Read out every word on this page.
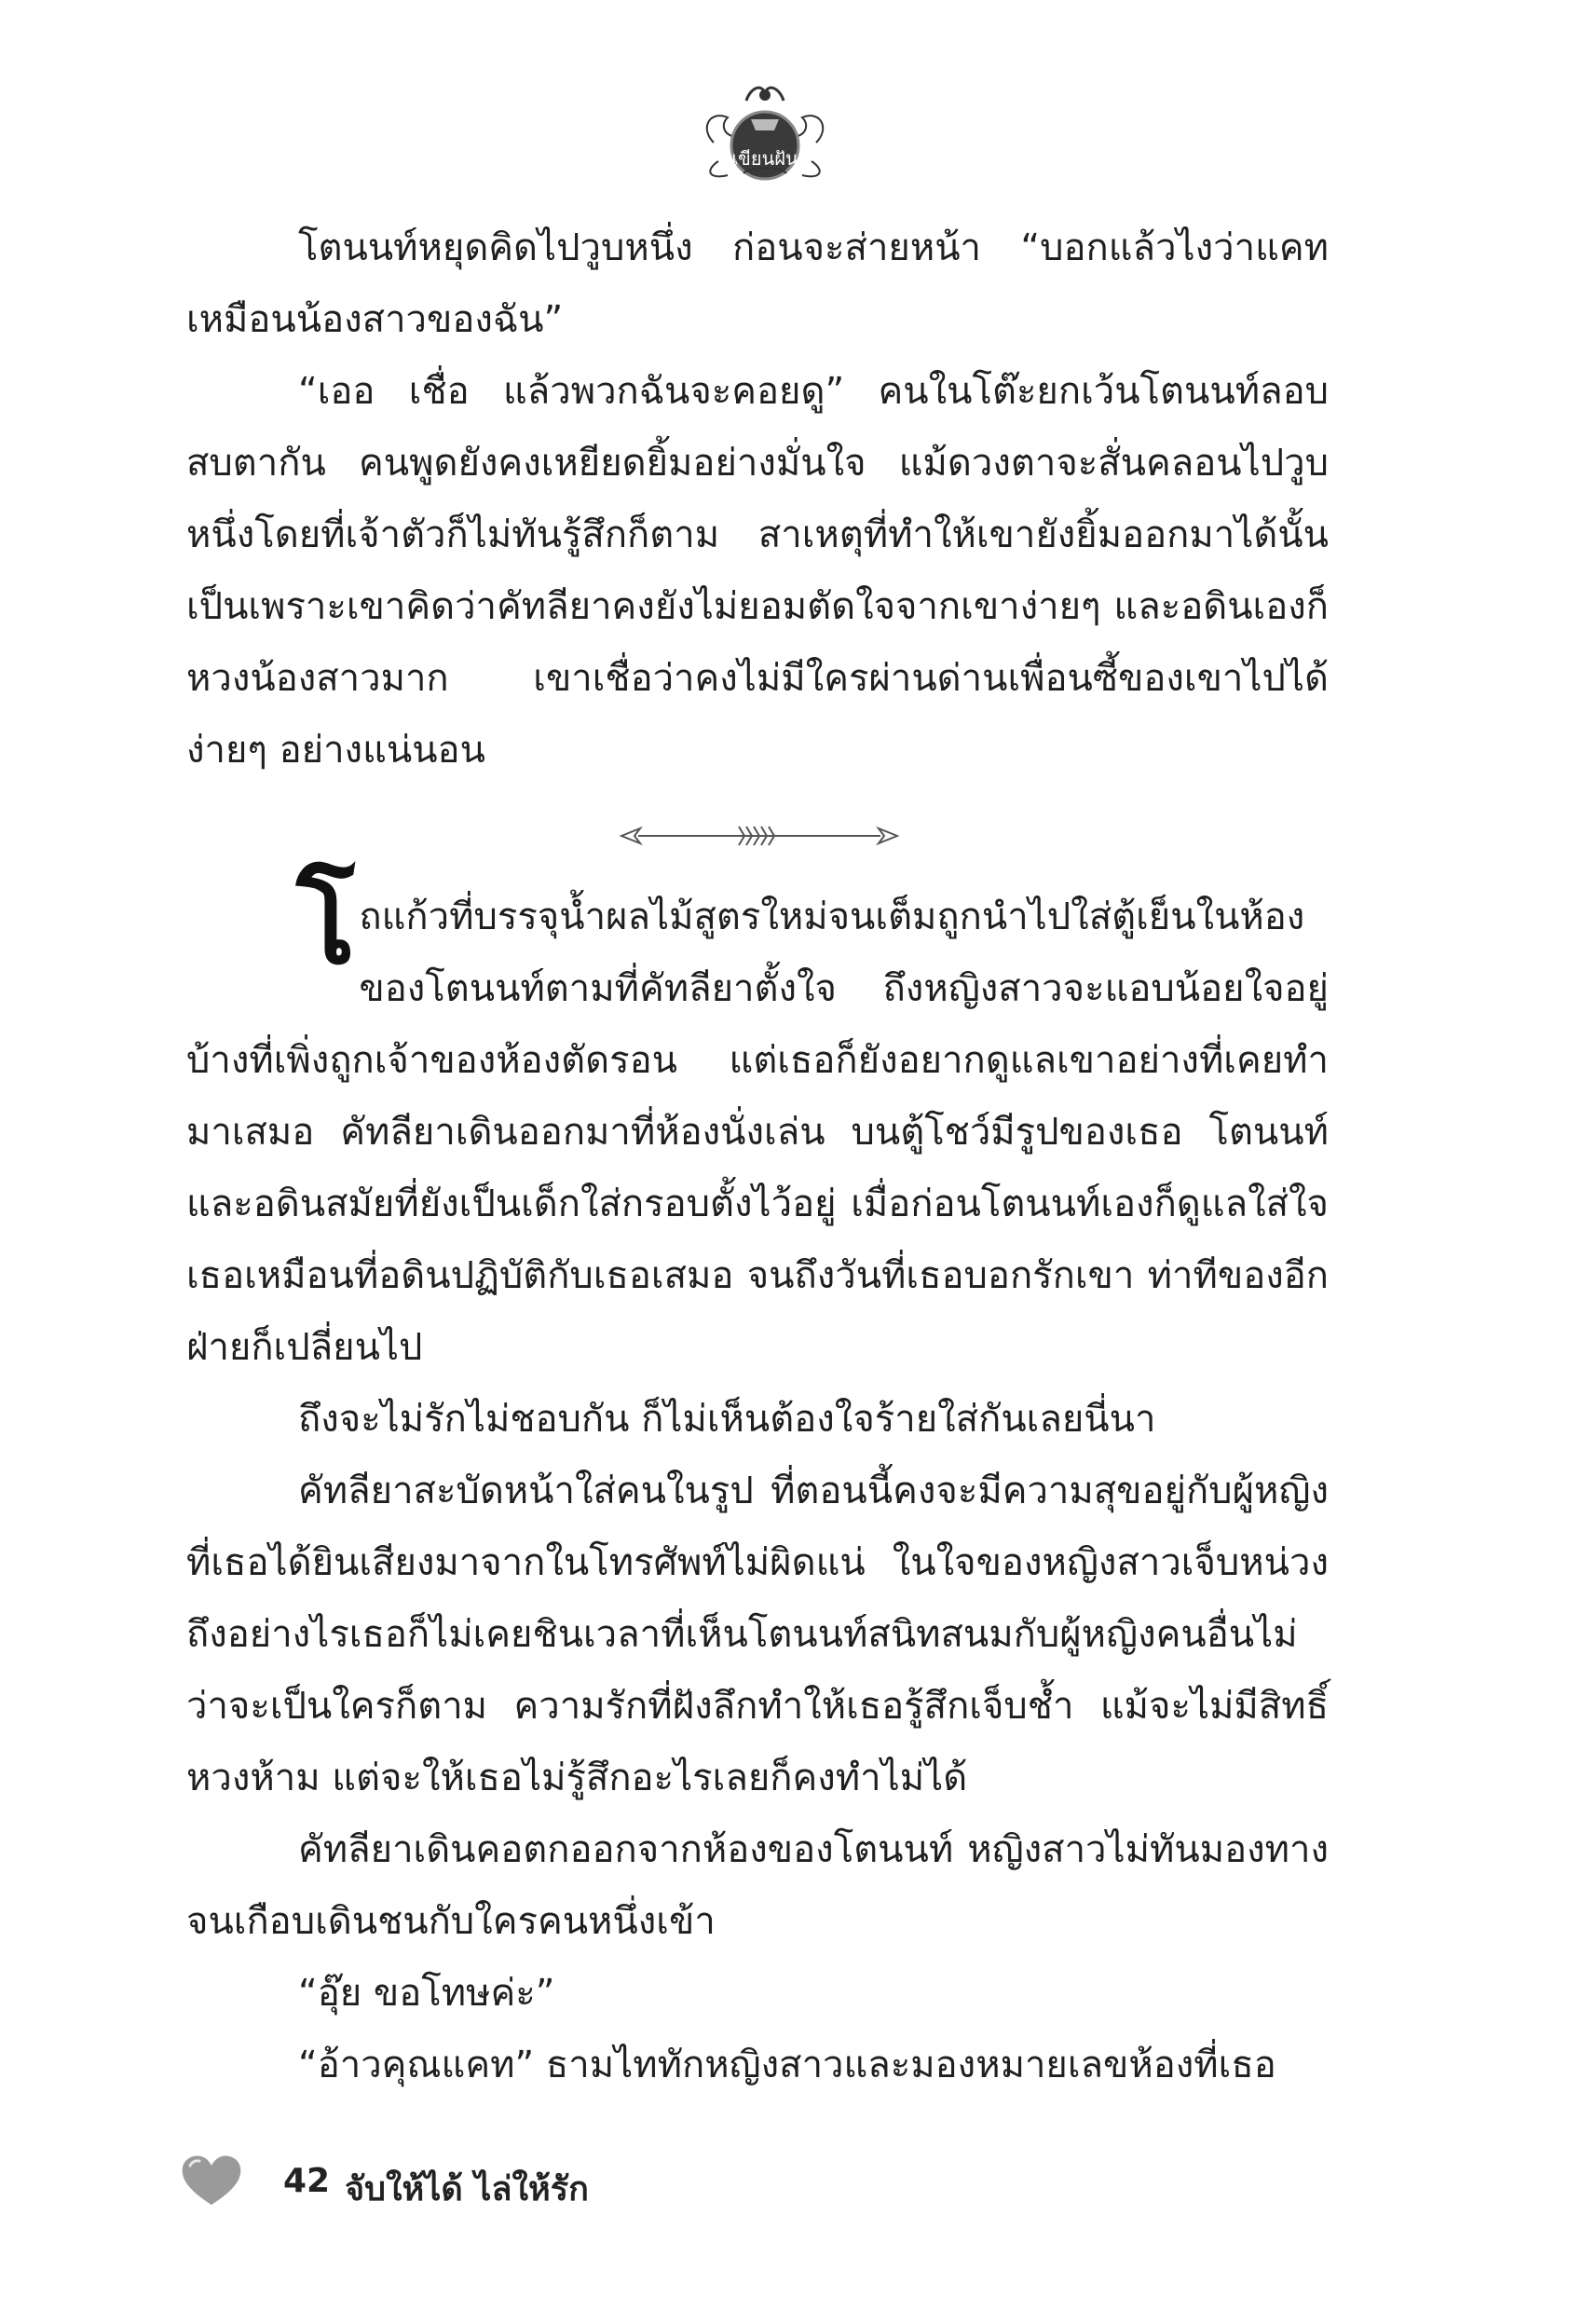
เขียนฝัน

โตนนท์หยุดคิดไปวูบหนึ่ง ก่อนจะส่ายหน้า “บอกแล้วไงว่าแคทเหมือนน้องสาวของฉัน”

“เออ เชื่อ แล้วพวกฉันจะคอยดู” คนในโต๊ะยกเว้นโตนนท์ลอบสบตากัน คนพูดยังคงเหยียดยิ้มอย่างมั่นใจ แม้ดวงตาจะสั่นคลอนไปวูบหนึ่งโดยที่เจ้าตัวก็ไม่ทันรู้สึกก็ตาม สาเหตุที่ทำให้เขายังยิ้มออกมาได้นั้น เป็นเพราะเขาคิดว่าคัทลียาคงยังไม่ยอมตัดใจจากเขาง่ายๆ และอดินเองก็หวงน้องสาวมาก เขาเชื่อว่าคงไม่มีใครผ่านด่านเพื่อนซี้ของเขาไปได้ง่ายๆ อย่างแน่นอน

โถแก้วที่บรรจุน้ำผลไม้สูตรใหม่จนเต็มถูกนำไปใส่ตู้เย็นในห้องของโตนนท์ตามที่คัทลียาตั้งใจ ถึงหญิงสาวจะแอบน้อยใจอยู่บ้างที่เพิ่งถูกเจ้าของห้องตัดรอน แต่เธอก็ยังอยากดูแลเขาอย่างที่เคยทำมาเสมอ คัทลียาเดินออกมาที่ห้องนั่งเล่น บนตู้โชว์มีรูปของเธอ โตนนท์และอดินสมัยที่ยังเป็นเด็กใส่กรอบตั้งไว้อยู่ เมื่อก่อนโตนนท์เองก็ดูแลใส่ใจเธอเหมือนที่อดินปฏิบัติกับเธอเสมอ จนถึงวันที่เธอบอกรักเขา ท่าทีของอีกฝ่ายก็เปลี่ยนไป

ถึงจะไม่รักไม่ชอบกัน ก็ไม่เห็นต้องใจร้ายใส่กันเลยนี่นา

คัทลียาสะบัดหน้าใส่คนในรูป ที่ตอนนี้คงจะมีความสุขอยู่กับผู้หญิงที่เธอได้ยินเสียงมาจากในโทรศัพท์ไม่ผิดแน่ ในใจของหญิงสาวเจ็บหน่วง ถึงอย่างไรเธอก็ไม่เคยชินเวลาที่เห็นโตนนท์สนิทสนมกับผู้หญิงคนอื่นไม่ว่าจะเป็นใครก็ตาม ความรักที่ฝังลึกทำให้เธอรู้สึกเจ็บช้ำ แม้จะไม่มีสิทธิ์หวงห้าม แต่จะให้เธอไม่รู้สึกอะไรเลยก็คงทำไม่ได้

คัทลียาเดินคอตกออกจากห้องของโตนนท์ หญิงสาวไม่ทันมองทางจนเกือบเดินชนกับใครคนหนึ่งเข้า

“อุ๊ย ขอโทษค่ะ”

“อ้าวคุณแคท” ธามไททักหญิงสาวและมองหมายเลขห้องที่เธอ

42 จับให้ได้ ไล่ให้รัก
